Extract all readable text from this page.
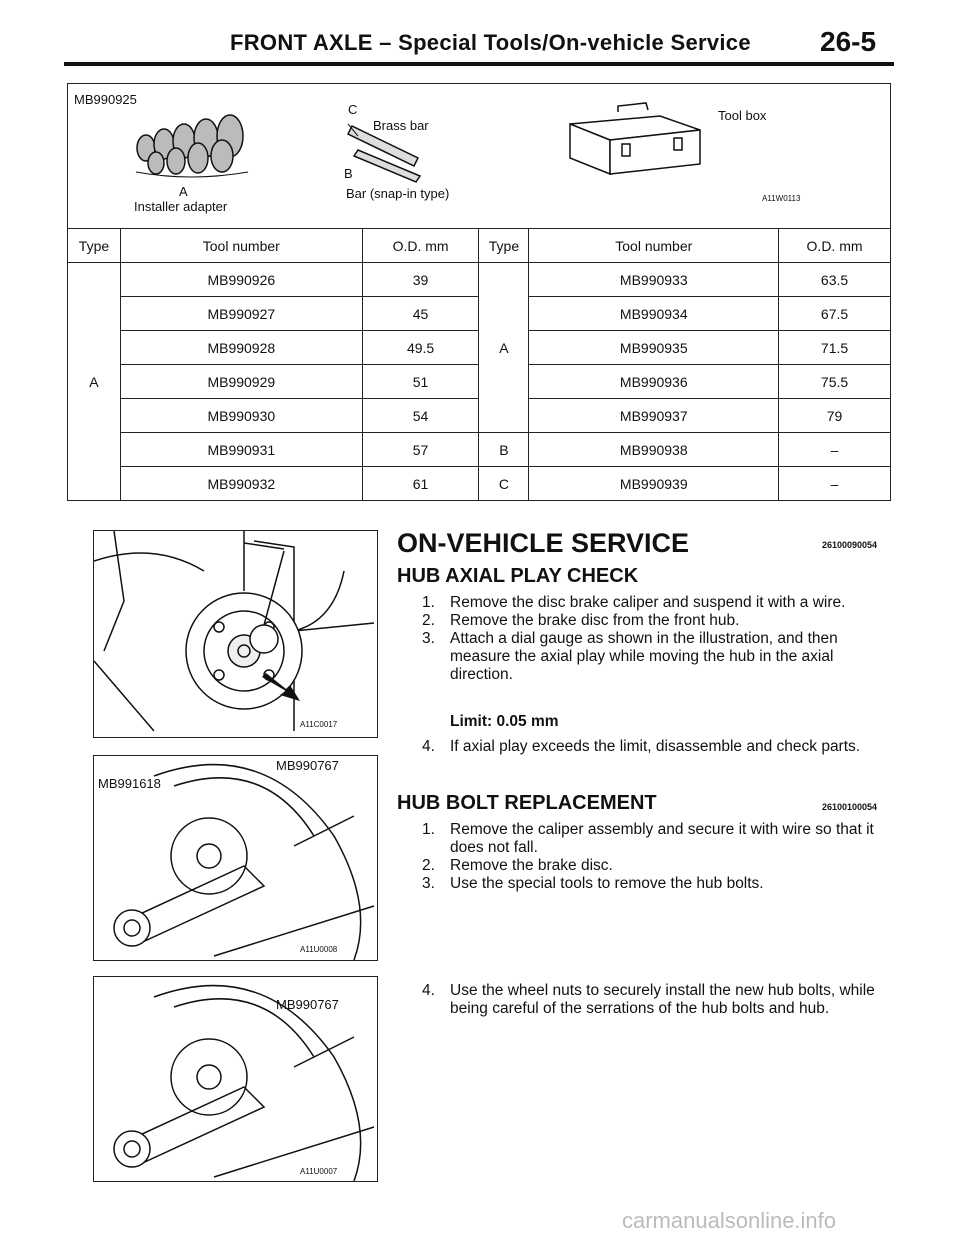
FRONT AXLE – Special Tools/On-vehicle Service 26-5
MB990925
A
Installer adapter
C
Brass bar
B
Bar (snap-in type)
Tool box
A11W0113
Type	Tool number	O.D. mm	Type	Tool number	O.D. mm
A	MB990926	39	A	MB990933	63.5
	MB990927	45		MB990934	67.5
	MB990928	49.5		MB990935	71.5
	MB990929	51		MB990936	75.5
	MB990930	54		MB990937	79
	MB990931	57	B	MB990938	–
	MB990932	61	C	MB990939	–
A11C0017
MB991618
MB990767
A11U0008
MB990767
A11U0007
ON-VEHICLE SERVICE	26100090054
HUB AXIAL PLAY CHECK
1. Remove the disc brake caliper and suspend it with a wire.
2. Remove the brake disc from the front hub.
3. Attach a dial gauge as shown in the illustration, and then measure the axial play while moving the hub in the axial direction.
Limit: 0.05 mm
4. If axial play exceeds the limit, disassemble and check parts.
HUB BOLT REPLACEMENT	26100100054
1. Remove the caliper assembly and secure it with wire so that it does not fall.
2. Remove the brake disc.
3. Use the special tools to remove the hub bolts.
4. Use the wheel nuts to securely install the new hub bolts, while being careful of the serrations of the hub bolts and hub.
carmanualsonline.info
